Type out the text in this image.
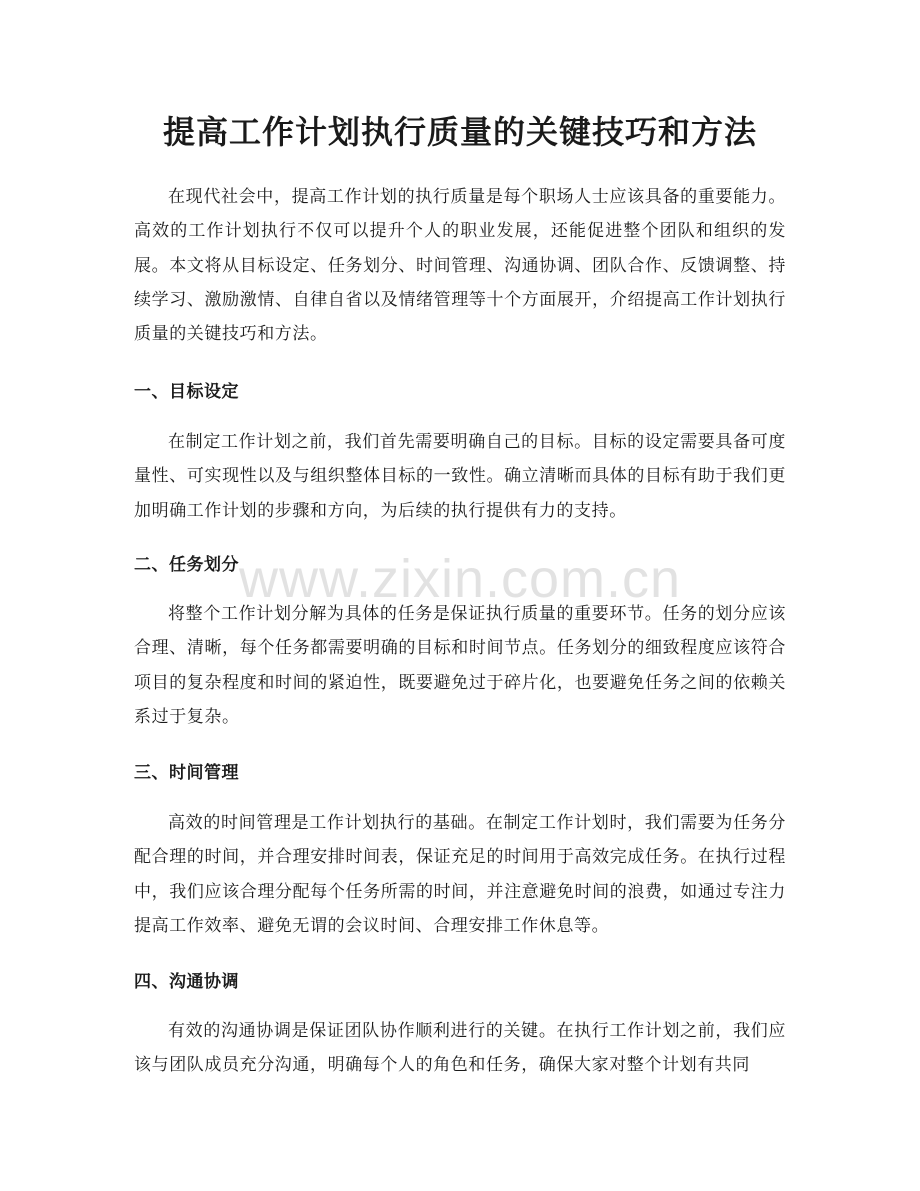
提高工作计划执行质量的关键技巧和方法

在现代社会中，提高工作计划的执行质量是每个职场人士应该具备的重要能力。高效的工作计划执行不仅可以提升个人的职业发展，还能促进整个团队和组织的发展。本文将从目标设定、任务划分、时间管理、沟通协调、团队合作、反馈调整、持续学习、激励激情、自律自省以及情绪管理等十个方面展开，介绍提高工作计划执行质量的关键技巧和方法。

一、目标设定

在制定工作计划之前，我们首先需要明确自己的目标。目标的设定需要具备可度量性、可实现性以及与组织整体目标的一致性。确立清晰而具体的目标有助于我们更加明确工作计划的步骤和方向，为后续的执行提供有力的支持。

二、任务划分

将整个工作计划分解为具体的任务是保证执行质量的重要环节。任务的划分应该合理、清晰，每个任务都需要明确的目标和时间节点。任务划分的细致程度应该符合项目的复杂程度和时间的紧迫性，既要避免过于碎片化，也要避免任务之间的依赖关系过于复杂。

三、时间管理

高效的时间管理是工作计划执行的基础。在制定工作计划时，我们需要为任务分配合理的时间，并合理安排时间表，保证充足的时间用于高效完成任务。在执行过程中，我们应该合理分配每个任务所需的时间，并注意避免时间的浪费，如通过专注力提高工作效率、避免无谓的会议时间、合理安排工作休息等。

四、沟通协调

有效的沟通协调是保证团队协作顺利进行的关键。在执行工作计划之前，我们应该与团队成员充分沟通，明确每个人的角色和任务，确保大家对整个计划有共同

www.zixin.com.cn
